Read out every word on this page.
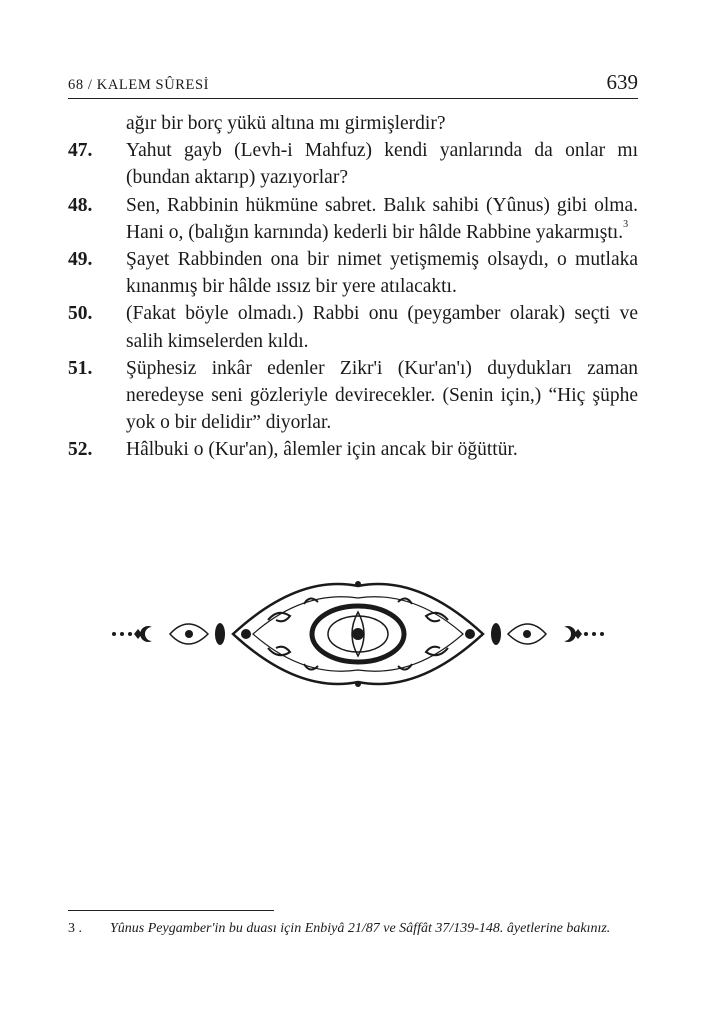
68 / KALEM SÛRESİ	639
ağır bir borç yükü altına mı girmişlerdir?
47.	Yahut gayb (Levh-i Mahfuz) kendi yanlarında da onlar mı (bundan aktarıp) yazıyorlar?
48.	Sen, Rabbinin hükmüne sabret. Balık sahibi (Yûnus) gibi olma. Hani o, (balığın karnında) kederli bir hâlde Rabbine yakarmıştı.$^3$
49.	Şayet Rabbinden ona bir nimet yetişmemiş olsaydı, o mutlaka kınanmış bir hâlde ıssız bir yere atılacaktı.
50.	(Fakat böyle olmadı.) Rabbi onu (peygamber olarak) seçti ve salih kimselerden kıldı.
51.	Şüphesiz inkâr edenler Zikr'i (Kur'an'ı) duydukları zaman neredeyse seni gözleriyle devirecekler. (Senin için,) “Hiç şüphe yok o bir delidir” diyorlar.
52.	Hâlbuki o (Kur'an), âlemler için ancak bir öğüttür.
3 .	Yûnus Peygamber'in bu duası için Enbiyâ 21/87 ve Sâffât 37/139-148. âyetlerine bakınız.
